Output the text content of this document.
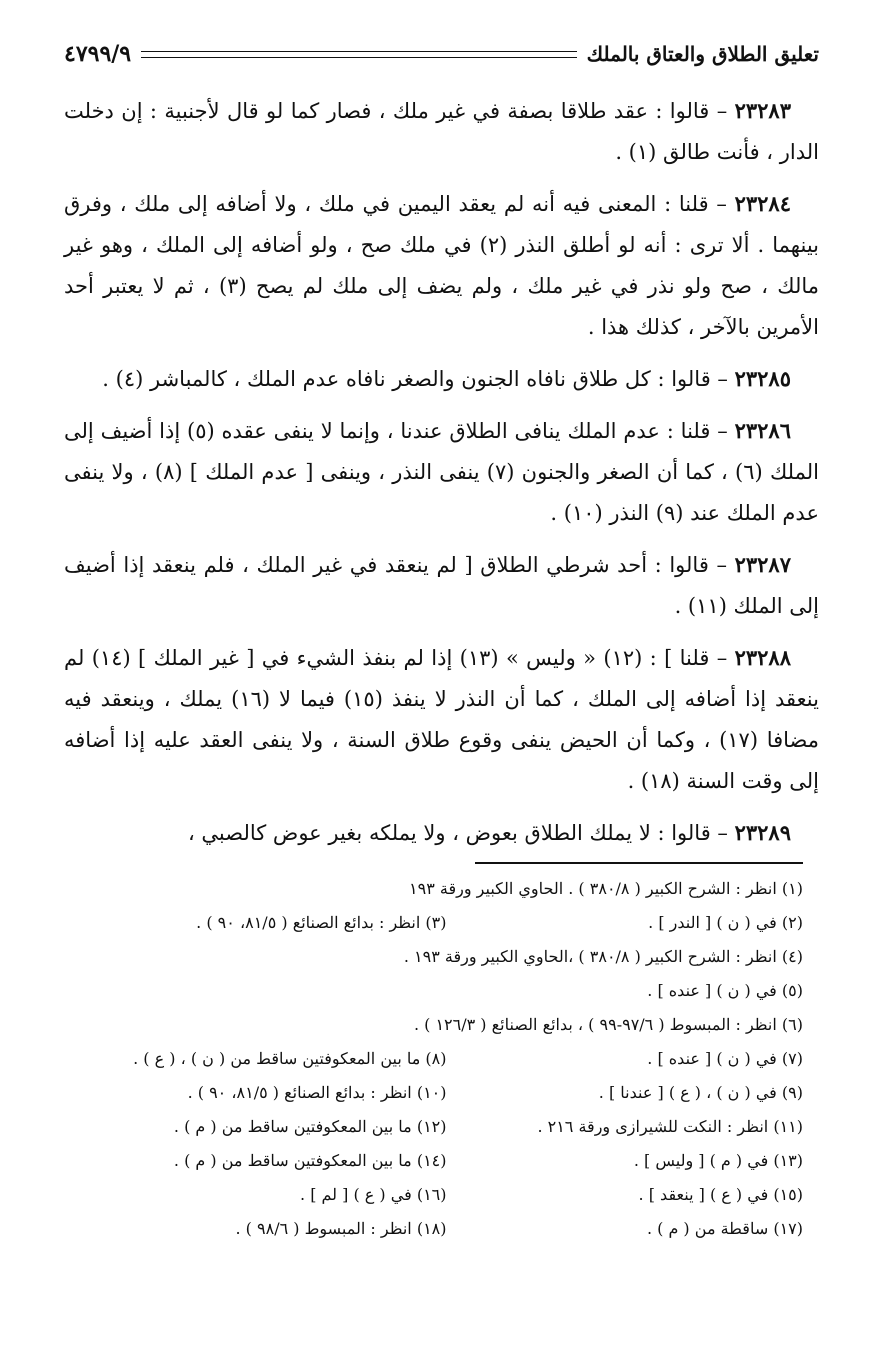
تعليق الطلاق والعتاق بالملك
٤٧٩٩/٩

٢٣٢٨٣ – قالوا : عقد طلاقا بصفة في غير ملك ، فصار كما لو قال لأجنبية : إن دخلت الدار ، فأنت طالق (١) .

٢٣٢٨٤ – قلنا : المعنى فيه أنه لم يعقد اليمين في ملك ، ولا أضافه إلى ملك ، وفرق بينهما . ألا ترى : أنه لو أطلق النذر (٢) في ملك صح ، ولو أضافه إلى الملك ، وهو غير مالك ، صح ولو نذر في غير ملك ، ولم يضف إلى ملك لم يصح (٣) ، ثم لا يعتبر أحد الأمرين بالآخر ، كذلك هذا .

٢٣٢٨٥ – قالوا : كل طلاق نافاه الجنون والصغر نافاه عدم الملك ، كالمباشر (٤) .

٢٣٢٨٦ – قلنا : عدم الملك ينافى الطلاق عندنا ، وإنما لا ينفى عقده (٥) إذا أضيف إلى الملك (٦) ، كما أن الصغر والجنون (٧) ينفى النذر ، وينفى [ عدم الملك ] (٨) ، ولا ينفى عدم الملك عند (٩) النذر (١٠) .

٢٣٢٨٧ – قالوا : أحد شرطي الطلاق [ لم ينعقد في غير الملك ، فلم ينعقد إذا أضيف إلى الملك (١١) .

٢٣٢٨٨ – قلنا ] : (١٢) « وليس » (١٣) إذا لم بنفذ الشيء في [ غير الملك ] (١٤) لم ينعقد إذا أضافه إلى الملك ، كما أن النذر لا ينفذ (١٥) فيما لا (١٦) يملك ، وينعقد فيه مضافا (١٧) ، وكما أن الحيض ينفى وقوع طلاق السنة ، ولا ينفى العقد عليه إذا أضافه إلى وقت السنة (١٨) .

٢٣٢٨٩ – قالوا : لا يملك الطلاق بعوض ، ولا يملكه بغير عوض كالصبي ،

(١) انظر : الشرح الكبير ( ٣٨٠/٨ ) . الحاوي الكبير ورقة ١٩٣
(٢) في ( ن ) [ الندر ] .
(٣) انظر : بدائع الصنائع ( ٨١/٥، ٩٠ ) .
(٤) انظر : الشرح الكبير ( ٣٨٠/٨ ) ،الحاوي الكبير ورقة ١٩٣ .
(٥) في ( ن ) [ عنده ] .
(٦) انظر : المبسوط ( ٩٧/٦-٩٩ ) ، بدائع الصنائع ( ١٢٦/٣ ) .
(٧) في ( ن ) [ عنده ] .
(٨) ما بين المعكوفتين ساقط من ( ن ) ، ( ع ) .
(٩) في ( ن ) ، ( ع ) [ عندنا ] .
(١٠) انظر : بدائع الصنائع ( ٨١/٥، ٩٠ ) .
(١١) انظر : النكت للشيرازى ورقة ٢١٦ .
(١٢) ما بين المعكوفتين ساقط من ( م ) .
(١٣) في ( م ) [ وليس ] .
(١٤) ما بين المعكوفتين ساقط من ( م ) .
(١٥) في ( ع ) [ ينعقد ] .
(١٦) في ( ع ) [ لم ] .
(١٧) ساقطة من ( م ) .
(١٨) انظر : المبسوط ( ٩٨/٦ ) .
